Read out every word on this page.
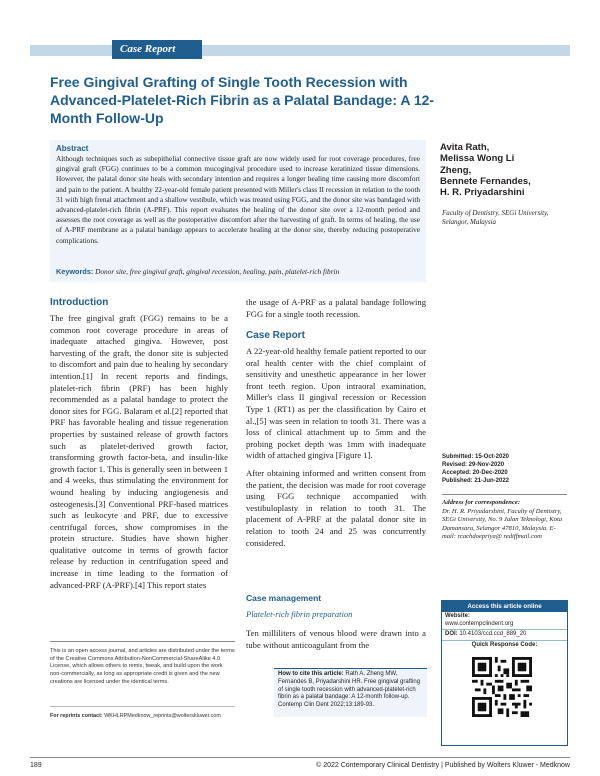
Case Report
Free Gingival Grafting of Single Tooth Recession with Advanced-Platelet-Rich Fibrin as a Palatal Bandage: A 12-Month Follow-Up
Abstract
Although techniques such as subepithelial connective tissue graft are now widely used for root coverage procedures, free gingival graft (FGG) continues to be a common mucogingival procedure used to increase keratinized tissue dimensions. However, the palatal donor site heals with secondary intention and requires a longer healing time causing more discomfort and pain to the patient. A healthy 22-year-old female patient presented with Miller's class II recession in relation to the tooth 31 with high frenal attachment and a shallow vestibule, which was treated using FGG, and the donor site was bandaged with advanced-platelet-rich fibrin (A-PRF). This report evaluates the healing of the donor site over a 12-month period and assesses the root coverage as well as the postoperative discomfort after the harvesting of graft. In terms of healing, the use of A-PRF membrane as a palatal bandage appears to accelerate healing at the donor site, thereby reducing postoperative complications.
Keywords: Donor site, free gingival graft, gingival recession, healing, pain, platelet-rich fibrin
Avita Rath,
Melissa Wong Li
Zheng,
Bennete Fernandes,
H. R. Priyadarshini
Faculty of Dentistry, SEGi University, Selangor, Malaysia
Introduction

The free gingival graft (FGG) remains to be a common root coverage procedure in areas of inadequate attached gingiva. However, post harvesting of the graft, the donor site is subjected to discomfort and pain due to healing by secondary intention.[1] In recent reports and findings, platelet-rich fibrin (PRF) has been highly recommended as a palatal bandage to protect the donor sites for FGG. Balaram et al.[2] reported that PRF has favorable healing and tissue regeneration properties by sustained release of growth factors such as platelet-derived growth factor, transforming growth factor-beta, and insulin-like growth factor 1. This is generally seen in between 1 and 4 weeks, thus stimulating the environment for wound healing by inducing angiogenesis and osteogenesis.[3] Conventional PRF-based matrices such as leukocyte and PRF, due to excessive centrifugal forces, show compromises in the protein structure. Studies have shown higher qualitative outcome in terms of growth factor release by reduction in centrifugation speed and increase in time leading to the formation of advanced-PRF (A-PRF).[4] This report states

the usage of A-PRF as a palatal bandage following FGG for a single tooth recession.

Case Report

A 22-year-old healthy female patient reported to our oral health center with the chief complaint of sensitivity and unesthetic appearance in her lower front teeth region. Upon intraoral examination, Miller's class II gingival recession or Recession Type 1 (RT1) as per the classification by Cairo et al.,[5] was seen in relation to tooth 31. There was a loss of clinical attachment up to 5mm and the probing pocket depth was 1mm with inadequate width of attached gingiva [Figure 1].

After obtaining informed and written consent from the patient, the decision was made for root coverage using FGG technique accompanied with vestibuloplasty in relation to tooth 31. The placement of A-PRF at the palatal donor site in relation to tooth 24 and 25 was concurrently considered.

Case management
Platelet-rich fibrin preparation

Ten milliliters of venous blood were drawn into a tube without anticoagulant from the

This is an open access journal, and articles are distributed under the terms of the Creative Commons Attribution-NonCommercial-ShareAlike 4.0 License, which allows others to remix, tweak, and build upon the work non-commercially, as long as appropriate credit is given and the new creations are licensed under the identical terms.
For reprints contact: WKHLRPMedknow_reprints@wolterskluwer.com
How to cite this article: Rath A, Zheng MW, Fernandes B, Priyadarshini HR. Free gingival grafting of single tooth recession with advanced-platelet-rich fibrin as a palatal bandage: A 12-month follow-up. Contemp Clin Dent 2022;13:189-93.
Submitted: 15-Oct-2020
Revised: 29-Nov-2020
Accepted: 20-Dec-2020
Published: 21-Jun-2022
Address for correspondence:
Dr. H. R. Priyadarshini, Faculty of Dentistry, SEGi University, No. 9 Jalan Teknologi, Kota Damansara, Selangor 47810, Malaysia. E-mail: rcachdoepriya@ rediffmail.com
Access this article online
Website:
www.contempclindent.org
DOI: 10.4103/ccd.ccd_889_20
Quick Response Code:
189	© 2022 Contemporary Clinical Dentistry | Published by Wolters Kluwer - Medknow
